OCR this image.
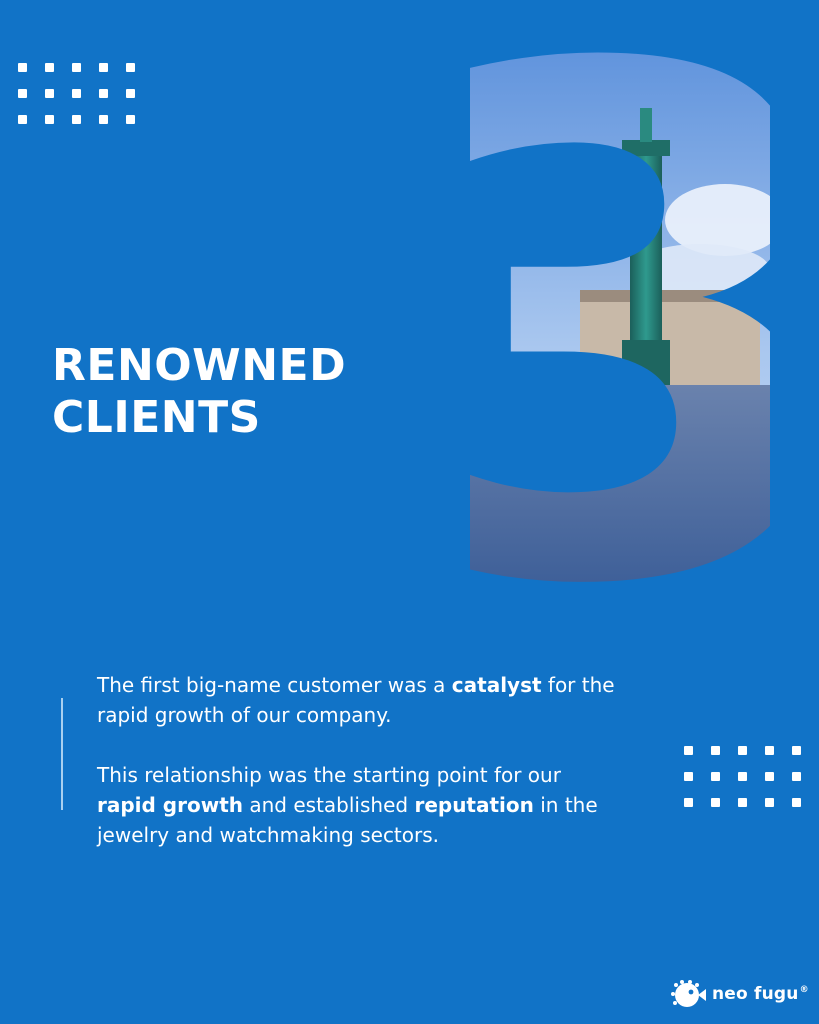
RENOWNED
CLIENTS

The first big-name customer was a catalyst for the rapid growth of our company.

This relationship was the starting point for our rapid growth and established reputation in the jewelry and watchmaking sectors.

neo fugu®
